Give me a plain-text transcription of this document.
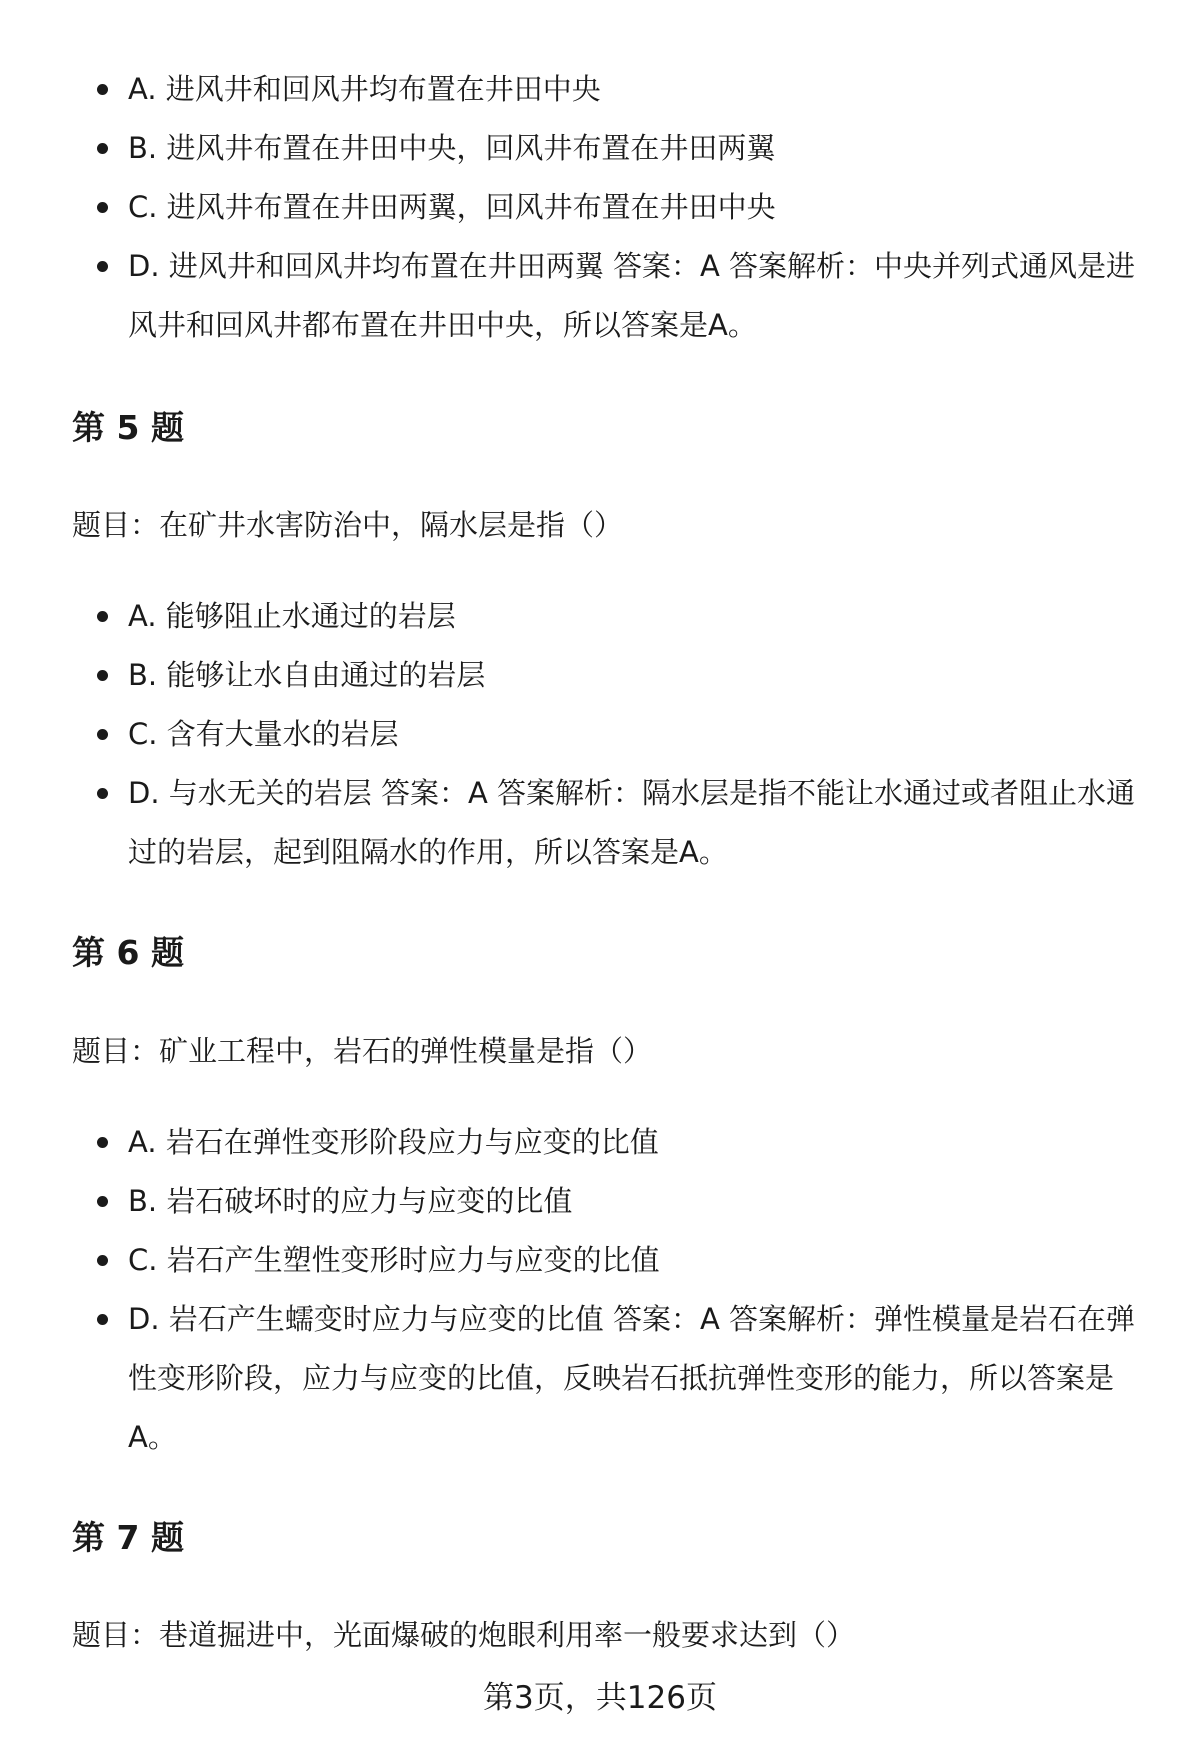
A. 进风井和回风井均布置在井田中央
B. 进风井布置在井田中央，回风井布置在井田两翼
C. 进风井布置在井田两翼，回风井布置在井田中央
D. 进风井和回风井均布置在井田两翼 答案：A 答案解析：中央并列式通风是进风井和回风井都布置在井田中央，所以答案是A。
第 5 题

题目：在矿井水害防治中，隔水层是指（）

A. 能够阻止水通过的岩层
B. 能够让水自由通过的岩层
C. 含有大量水的岩层
D. 与水无关的岩层 答案：A 答案解析：隔水层是指不能让水通过或者阻止水通过的岩层，起到阻隔水的作用，所以答案是A。
第 6 题

题目：矿业工程中，岩石的弹性模量是指（）

A. 岩石在弹性变形阶段应力与应变的比值
B. 岩石破坏时的应力与应变的比值
C. 岩石产生塑性变形时应力与应变的比值
D. 岩石产生蠕变时应力与应变的比值 答案：A 答案解析：弹性模量是岩石在弹性变形阶段，应力与应变的比值，反映岩石抵抗弹性变形的能力，所以答案是A。
第 7 题

题目：巷道掘进中，光面爆破的炮眼利用率一般要求达到（）

第3页，共126页
